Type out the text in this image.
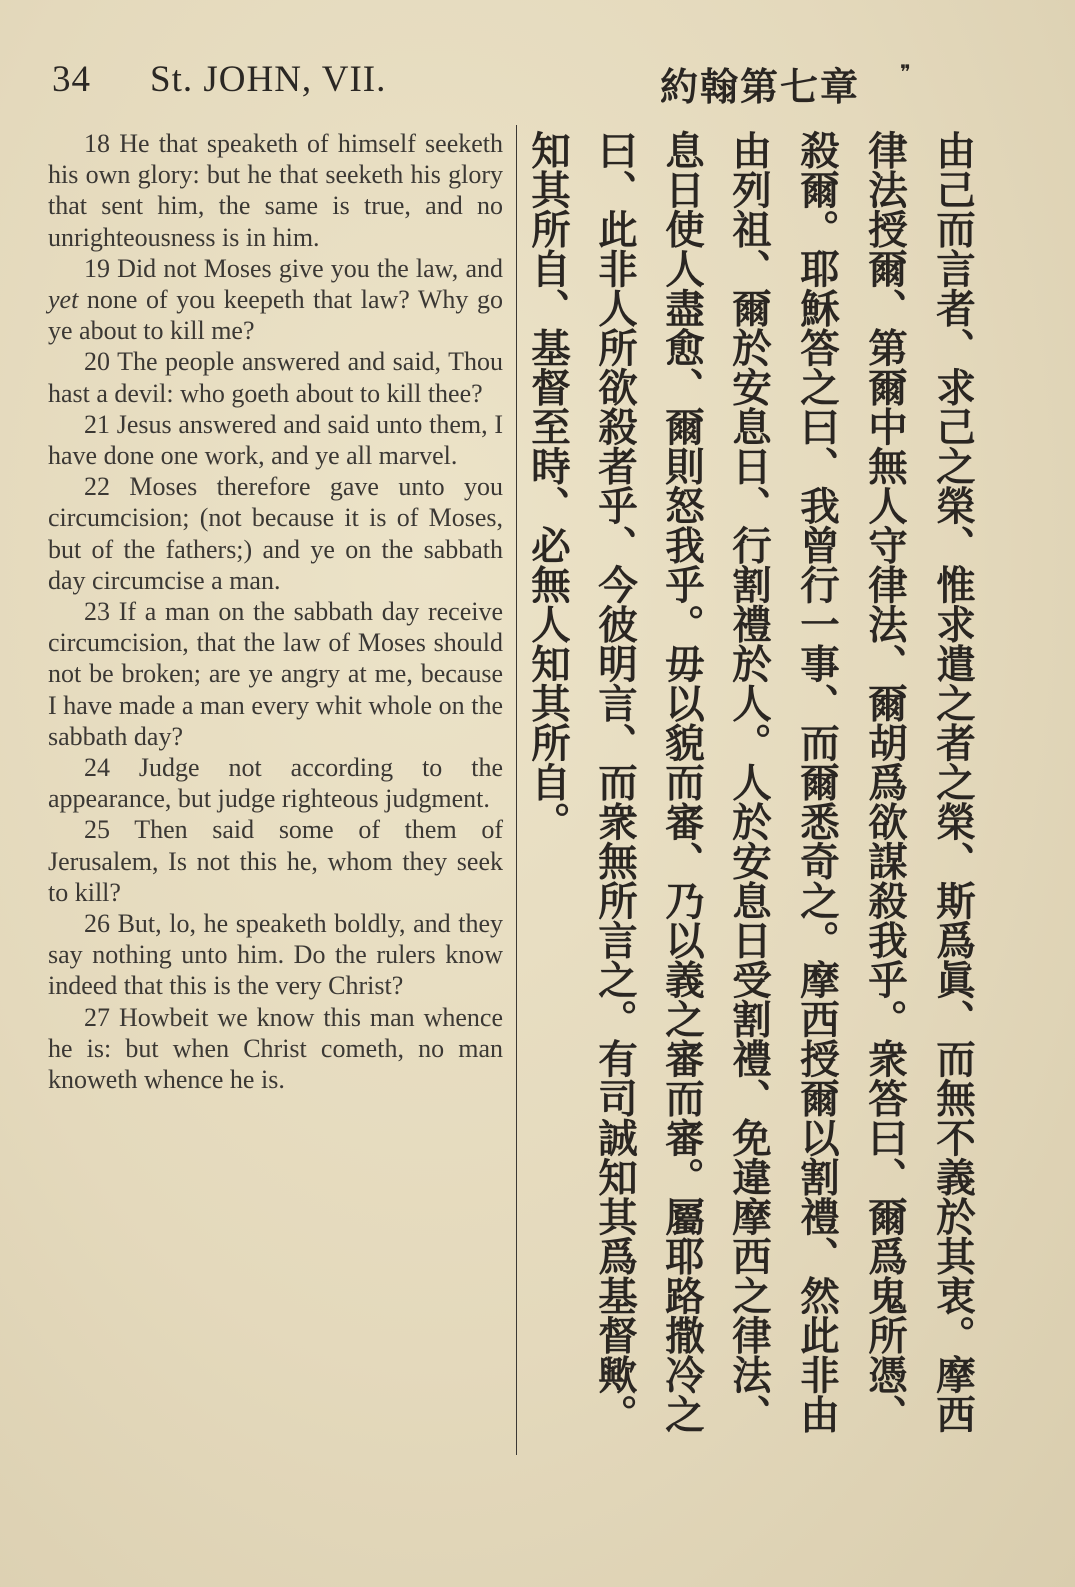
34 St. JOHN, VII.	約翰第七章 ❞

18 He that speaketh of himself seeketh his own glory: but he that seeketh his glory that sent him, the same is true, and no unrighteousness is in him.

19 Did not Moses give you the law, and yet none of you keepeth that law? Why go ye about to kill me?

20 The people answered and said, Thou hast a devil: who goeth about to kill thee?

21 Jesus answered and said unto them, I have done one work, and ye all marvel.

22 Moses therefore gave unto you circumcision; (not because it is of Moses, but of the fathers;) and ye on the sabbath day circumcise a man.

23 If a man on the sabbath day receive circumcision, that the law of Moses should not be broken; are ye angry at me, because I have made a man every whit whole on the sabbath day?

24 Judge not according to the appearance, but judge righteous judgment.

25 Then said some of them of Jerusalem, Is not this he, whom they seek to kill?

26 But, lo, he speaketh boldly, and they say nothing unto him. Do the rulers know indeed that this is the very Christ?

27 Howbeit we know this man whence he is: but when Christ cometh, no man knoweth whence he is.

由己而言者、求己之榮、惟求遣之者之榮、斯爲眞、而無不義於其衷。摩西
律法授爾、第爾中無人守律法、爾胡爲欲謀殺我乎。衆答曰、爾爲鬼所憑、
殺爾。耶穌答之曰、我曾行一事、而爾悉奇之。摩西授爾以割禮、然此非由
由列祖、爾於安息日、行割禮於人。人於安息日受割禮、免違摩西之律法、
息日使人盡愈、爾則怒我乎。毋以貌而審、乃以義之審而審。屬耶路撒冷之
曰、此非人所欲殺者乎、今彼明言、而衆無所言之。有司誠知其爲基督歟。
知其所自、基督至時、必無人知其所自。
